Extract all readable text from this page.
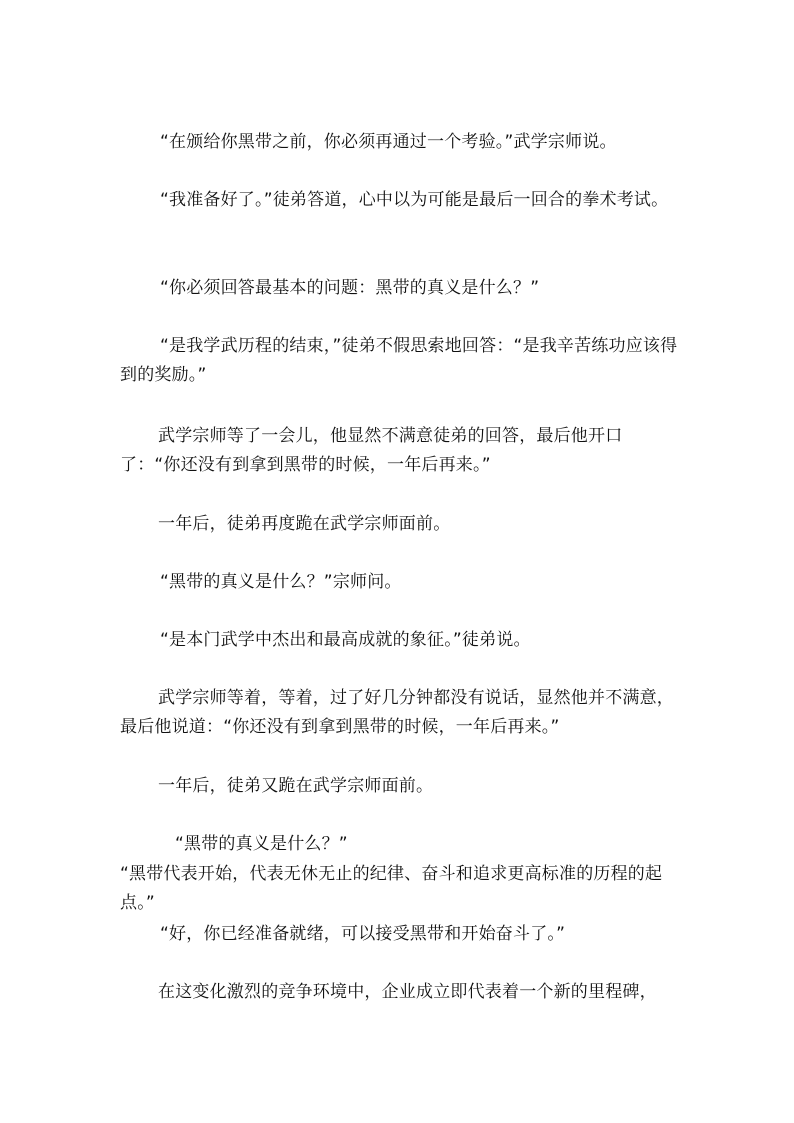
“在颁给你黑带之前，你必须再通过一个考验。”武学宗师说。

“我准备好了。”徒弟答道，心中以为可能是最后一回合的拳术考试。

“你必须回答最基本的问题：黑带的真义是什么？”

“是我学武历程的结束，”徒弟不假思索地回答：“是我辛苦练功应该得到的奖励。”

武学宗师等了一会儿，他显然不满意徒弟的回答，最后他开口了：“你还没有到拿到黑带的时候，一年后再来。”

一年后，徒弟再度跪在武学宗师面前。

“黑带的真义是什么？”宗师问。

“是本门武学中杰出和最高成就的象征。”徒弟说。

武学宗师等着，等着，过了好几分钟都没有说话，显然他并不满意，最后他说道：“你还没有到拿到黑带的时候，一年后再来。”

一年后，徒弟又跪在武学宗师面前。

“黑带的真义是什么？”

“黑带代表开始，代表无休无止的纪律、奋斗和追求更高标准的历程的起点。”

“好，你已经准备就绪，可以接受黑带和开始奋斗了。”

在这变化激烈的竞争环境中，企业成立即代表着一个新的里程碑，
